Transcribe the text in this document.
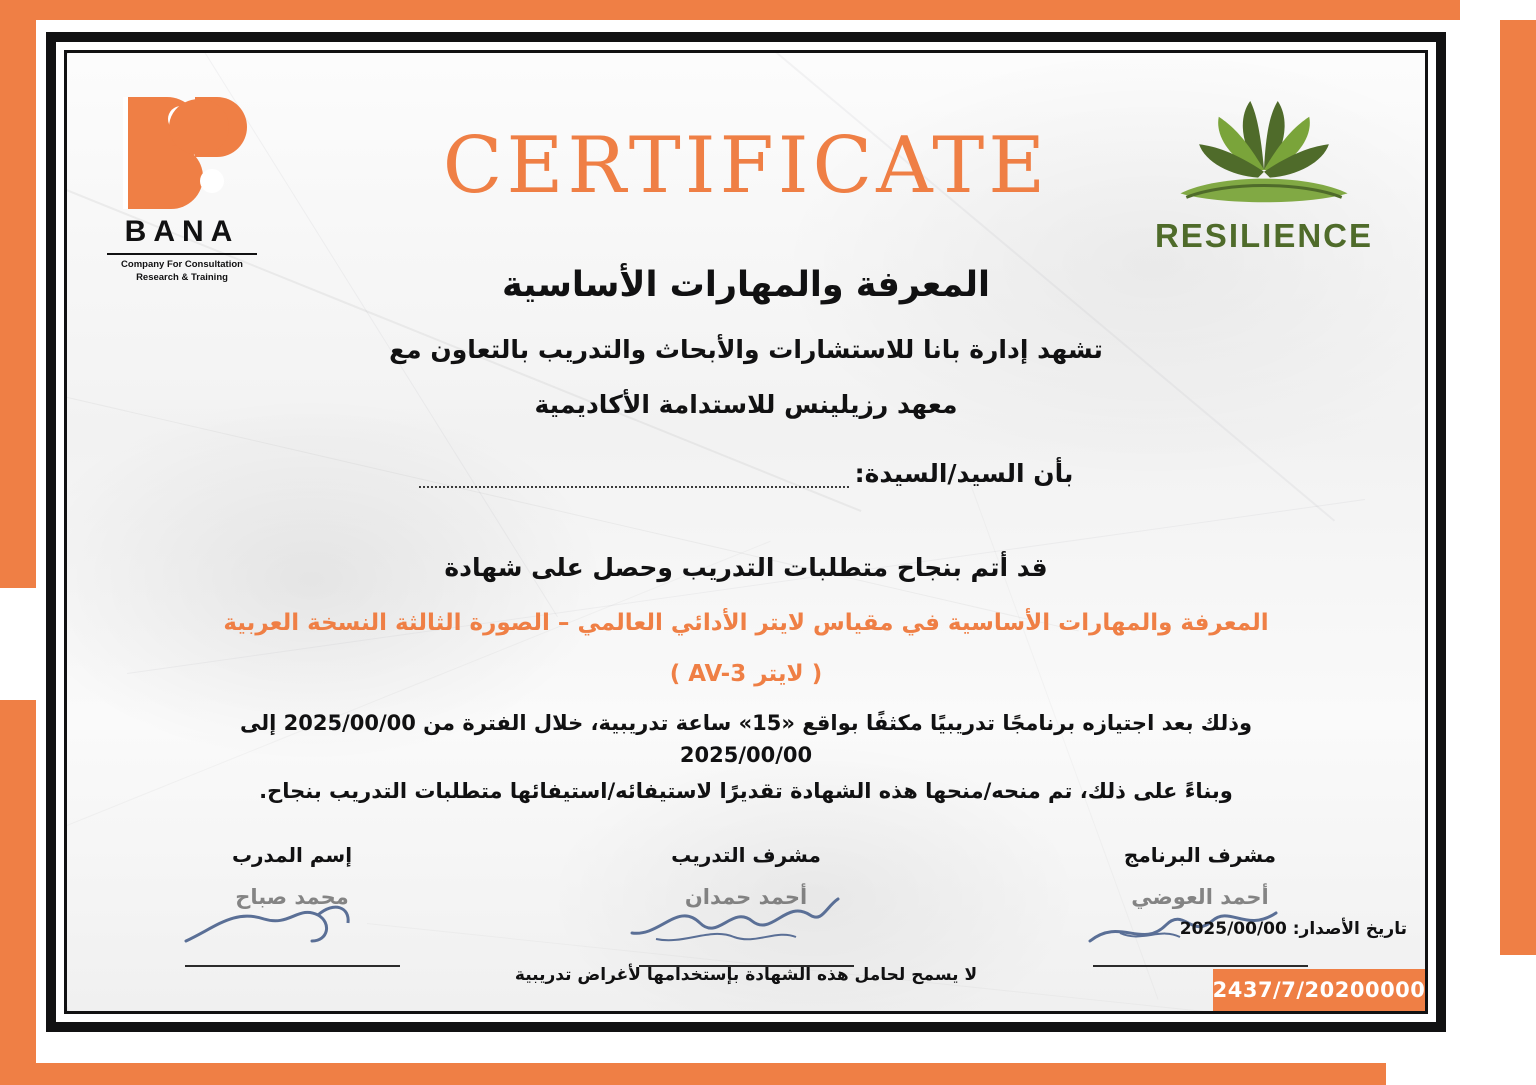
BANA
Company For Consultation
Research & Training
RESILIENCE
CERTIFICATE
المعرفة والمهارات الأساسية
تشهد إدارة بانا للاستشارات والأبحاث والتدريب بالتعاون مع
معهد رزيلينس للاستدامة الأكاديمية
بأن السيد/السيدة:
قد أتم بنجاح متطلبات التدريب وحصل على شهادة
المعرفة والمهارات الأساسية في مقياس لايتر الأدائي العالمي – الصورة الثالثة النسخة العربية
( لايتر AV-3 )
وذلك بعد اجتيازه برنامجًا تدريبيًا مكثفًا بواقع «15» ساعة تدريبية، خلال الفترة من 2025/00/00 إلى 2025/00/00
وبناءً على ذلك، تم منحه/منحها هذه الشهادة تقديرًا لاستيفائه/استيفائها متطلبات التدريب بنجاح.
مشرف البرنامج
أحمد العوضي
مشرف التدريب
أحمد حمدان
إسم المدرب
محمد صباح
لا يسمح لحامل هذه الشهادة بإستخدامها لأغراض تدريبية
تاريخ الأصدار: 2025/00/00
2437/7/20200000
